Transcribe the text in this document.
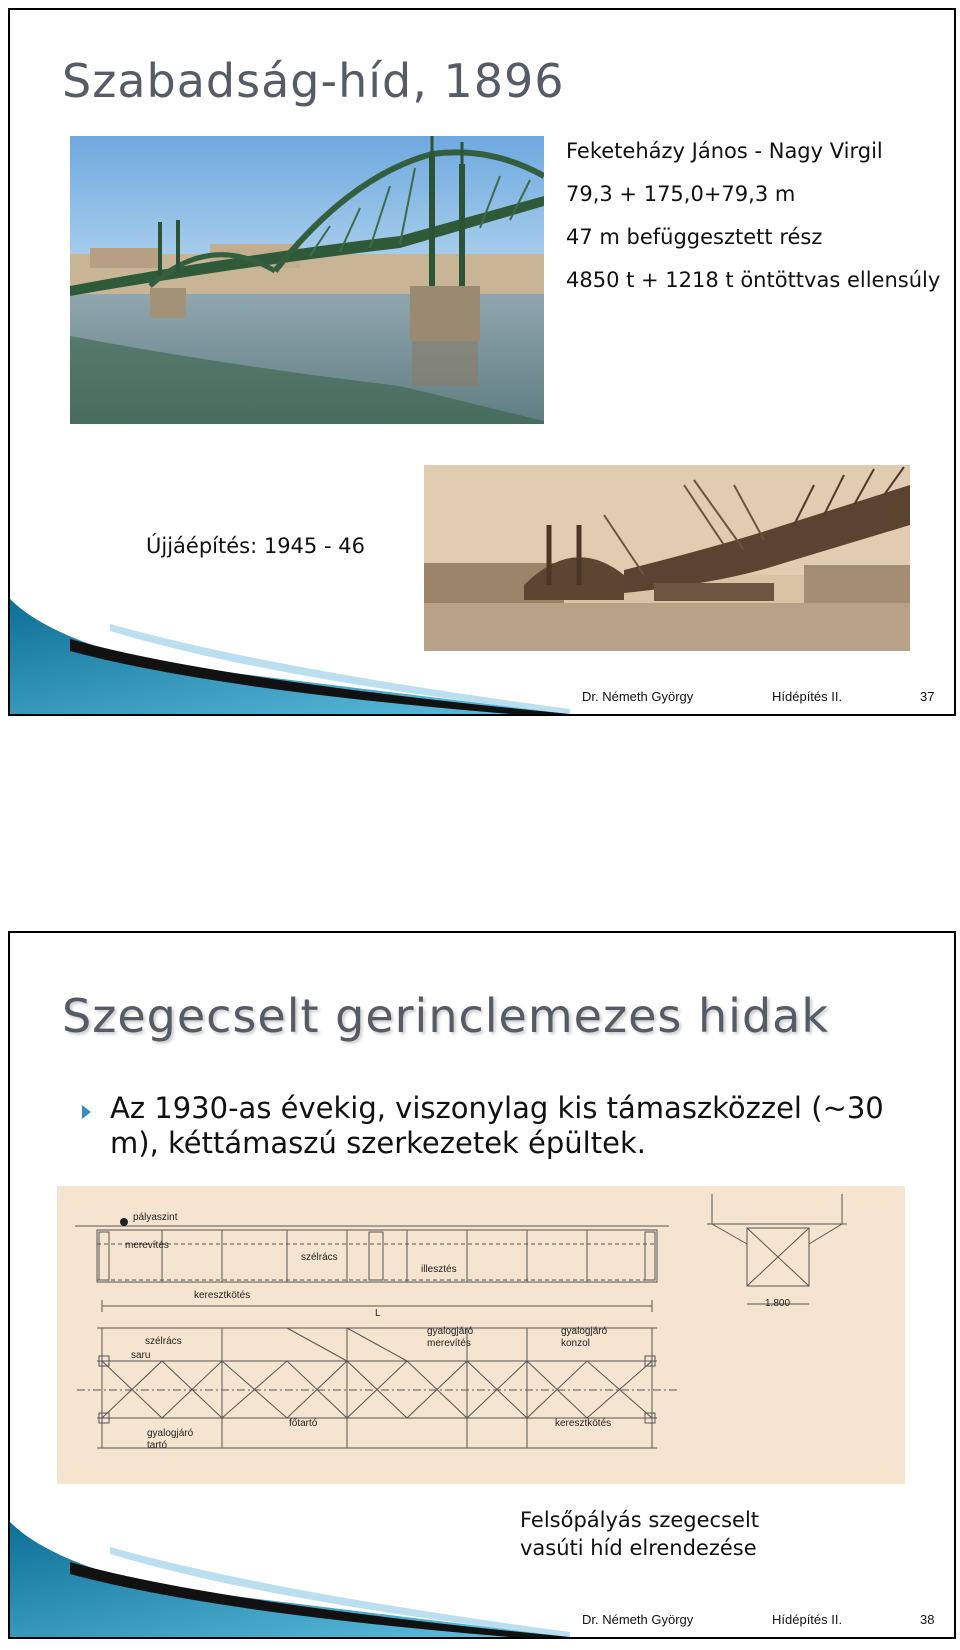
Szabadság-híd, 1896
Feketeházy János - Nagy Virgil
79,3 + 175,0+79,3 m
47 m befüggesztett rész
4850 t + 1218 t öntöttvas ellensúly
Újjáépítés: 1945 - 46
Dr. Németh György	Hídépítés II.	37
Szegecselt gerinclemezes hidak
Az 1930-as évekig, viszonylag kis támaszközzel (~30 m), kéttámaszú szerkezetek épültek.
pályaszint
merevítés
szélrács
illesztés
keresztkötés
L
1.800
szélrács
saru
gyalogjáró
merevítés
gyalogjáró
konzol
főtartó	keresztkötés
gyalogjáró
tartó
Felsőpályás szegecselt
vasúti híd elrendezése
Dr. Németh György	Hídépítés II.	38
